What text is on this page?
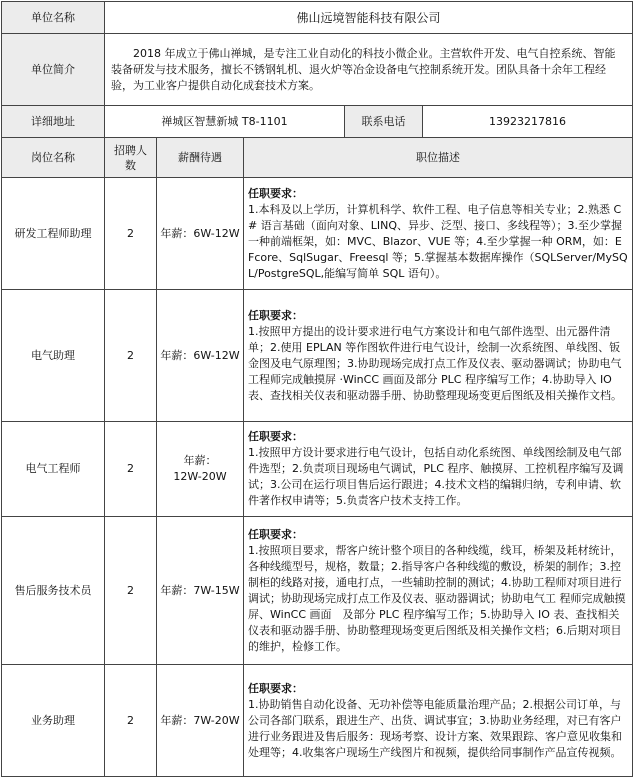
单位名称	佛山远境智能科技有限公司				
单位简介	2018 年成立于佛山禅城，是专注工业自动化的科技小微企业。主营软件开发、电气自控系统、智能装备研发与技术服务，擅长不锈钢轧机、退火炉等冶金设备电气控制系统开发。团队具备十余年工程经验，为工业客户提供自动化成套技术方案。				
详细地址	禅城区智慧新城 T8-1101			联系电话	13923217816
岗位名称	招聘人数	薪酬待遇	职位描述		
研发工程师助理	2	年薪：6W-12W	任职要求：
1.本科及以上学历，计算机科学、软件工程、电子信息等相关专业；2.熟悉 C# 语言基础（面向对象、LINQ、异步、泛型、接口、多线程等）；3.至少掌握一种前端框架，如：MVC、Blazor、VUE 等；4.至少掌握一种 ORM，如：EFcore、SqlSugar、Freesql 等；5.掌握基本数据库操作（SQLServer/MySQL/PostgreSQL,能编写简单 SQL 语句）。		

电气助理	2	年薪：6W-12W	任职要求：
1.按照甲方提出的设计要求进行电气方案设计和电气部件选型、出元器件清单；2.使用 EPLAN 等作图软件进行电气设计，绘制一次系统图、单线图、钣金图及电气原理图；3.协助现场完成打点工作及仪表、驱动器调试；协助电气工程师完成触摸屏 ·WinCC 画面及部分 PLC 程序编写工作；4.协助导入 IO 表、查找相关仪表和驱动器手册、协助整理现场变更后图纸及相关操作文档。		

电气工程师	2	年薪：12W-20W	任职要求：
1.按照甲方设计要求进行电气设计，包括自动化系统图、单线图绘制及电气部件选型；2.负责项目现场电气调试，PLC 程序、触摸屏、工控机程序编写及调试；3.公司在运行项目售后运行跟进；4.技术文档的编辑归纳，专利申请、软件著作权申请等；5.负责客户技术支持工作。		

售后服务技术员	2	年薪：7W-15W	任职要求：
1.按照项目要求，帮客户统计整个项目的各种线缆，线耳，桥架及耗材统计，各种线缆型号，规格，数量；2.指导客户各种线缆的敷设，桥架的制作；3.控制柜的线路对接，通电打点，一些辅助控制的测试；4.协助工程师对项目进行调试；协助现场完成打点工作及仪表、驱动器调试；协助电气工 程师完成触摸屏、WinCC 画面　及部分 PLC 程序编写工作；5.协助导入 IO 表、查找相关仪表和驱动器手册、协助整理现场变更后图纸及相关操作文档；6.后期对项目的维护，检修工作。		

业务助理	2	年薪：7W-20W	任职要求：
1.协助销售自动化设备、无功补偿等电能质量治理产品；2.根据公司订单，与公司各部门联系，跟进生产、出货、调试事宜；3.协助业务经理，对已有客户进行业务跟进及售后服务：现场考察、设计方案、效果跟踪、客户意见收集和处理等；4.收集客户现场生产线图片和视频，提供给同事制作产品宣传视频。		
